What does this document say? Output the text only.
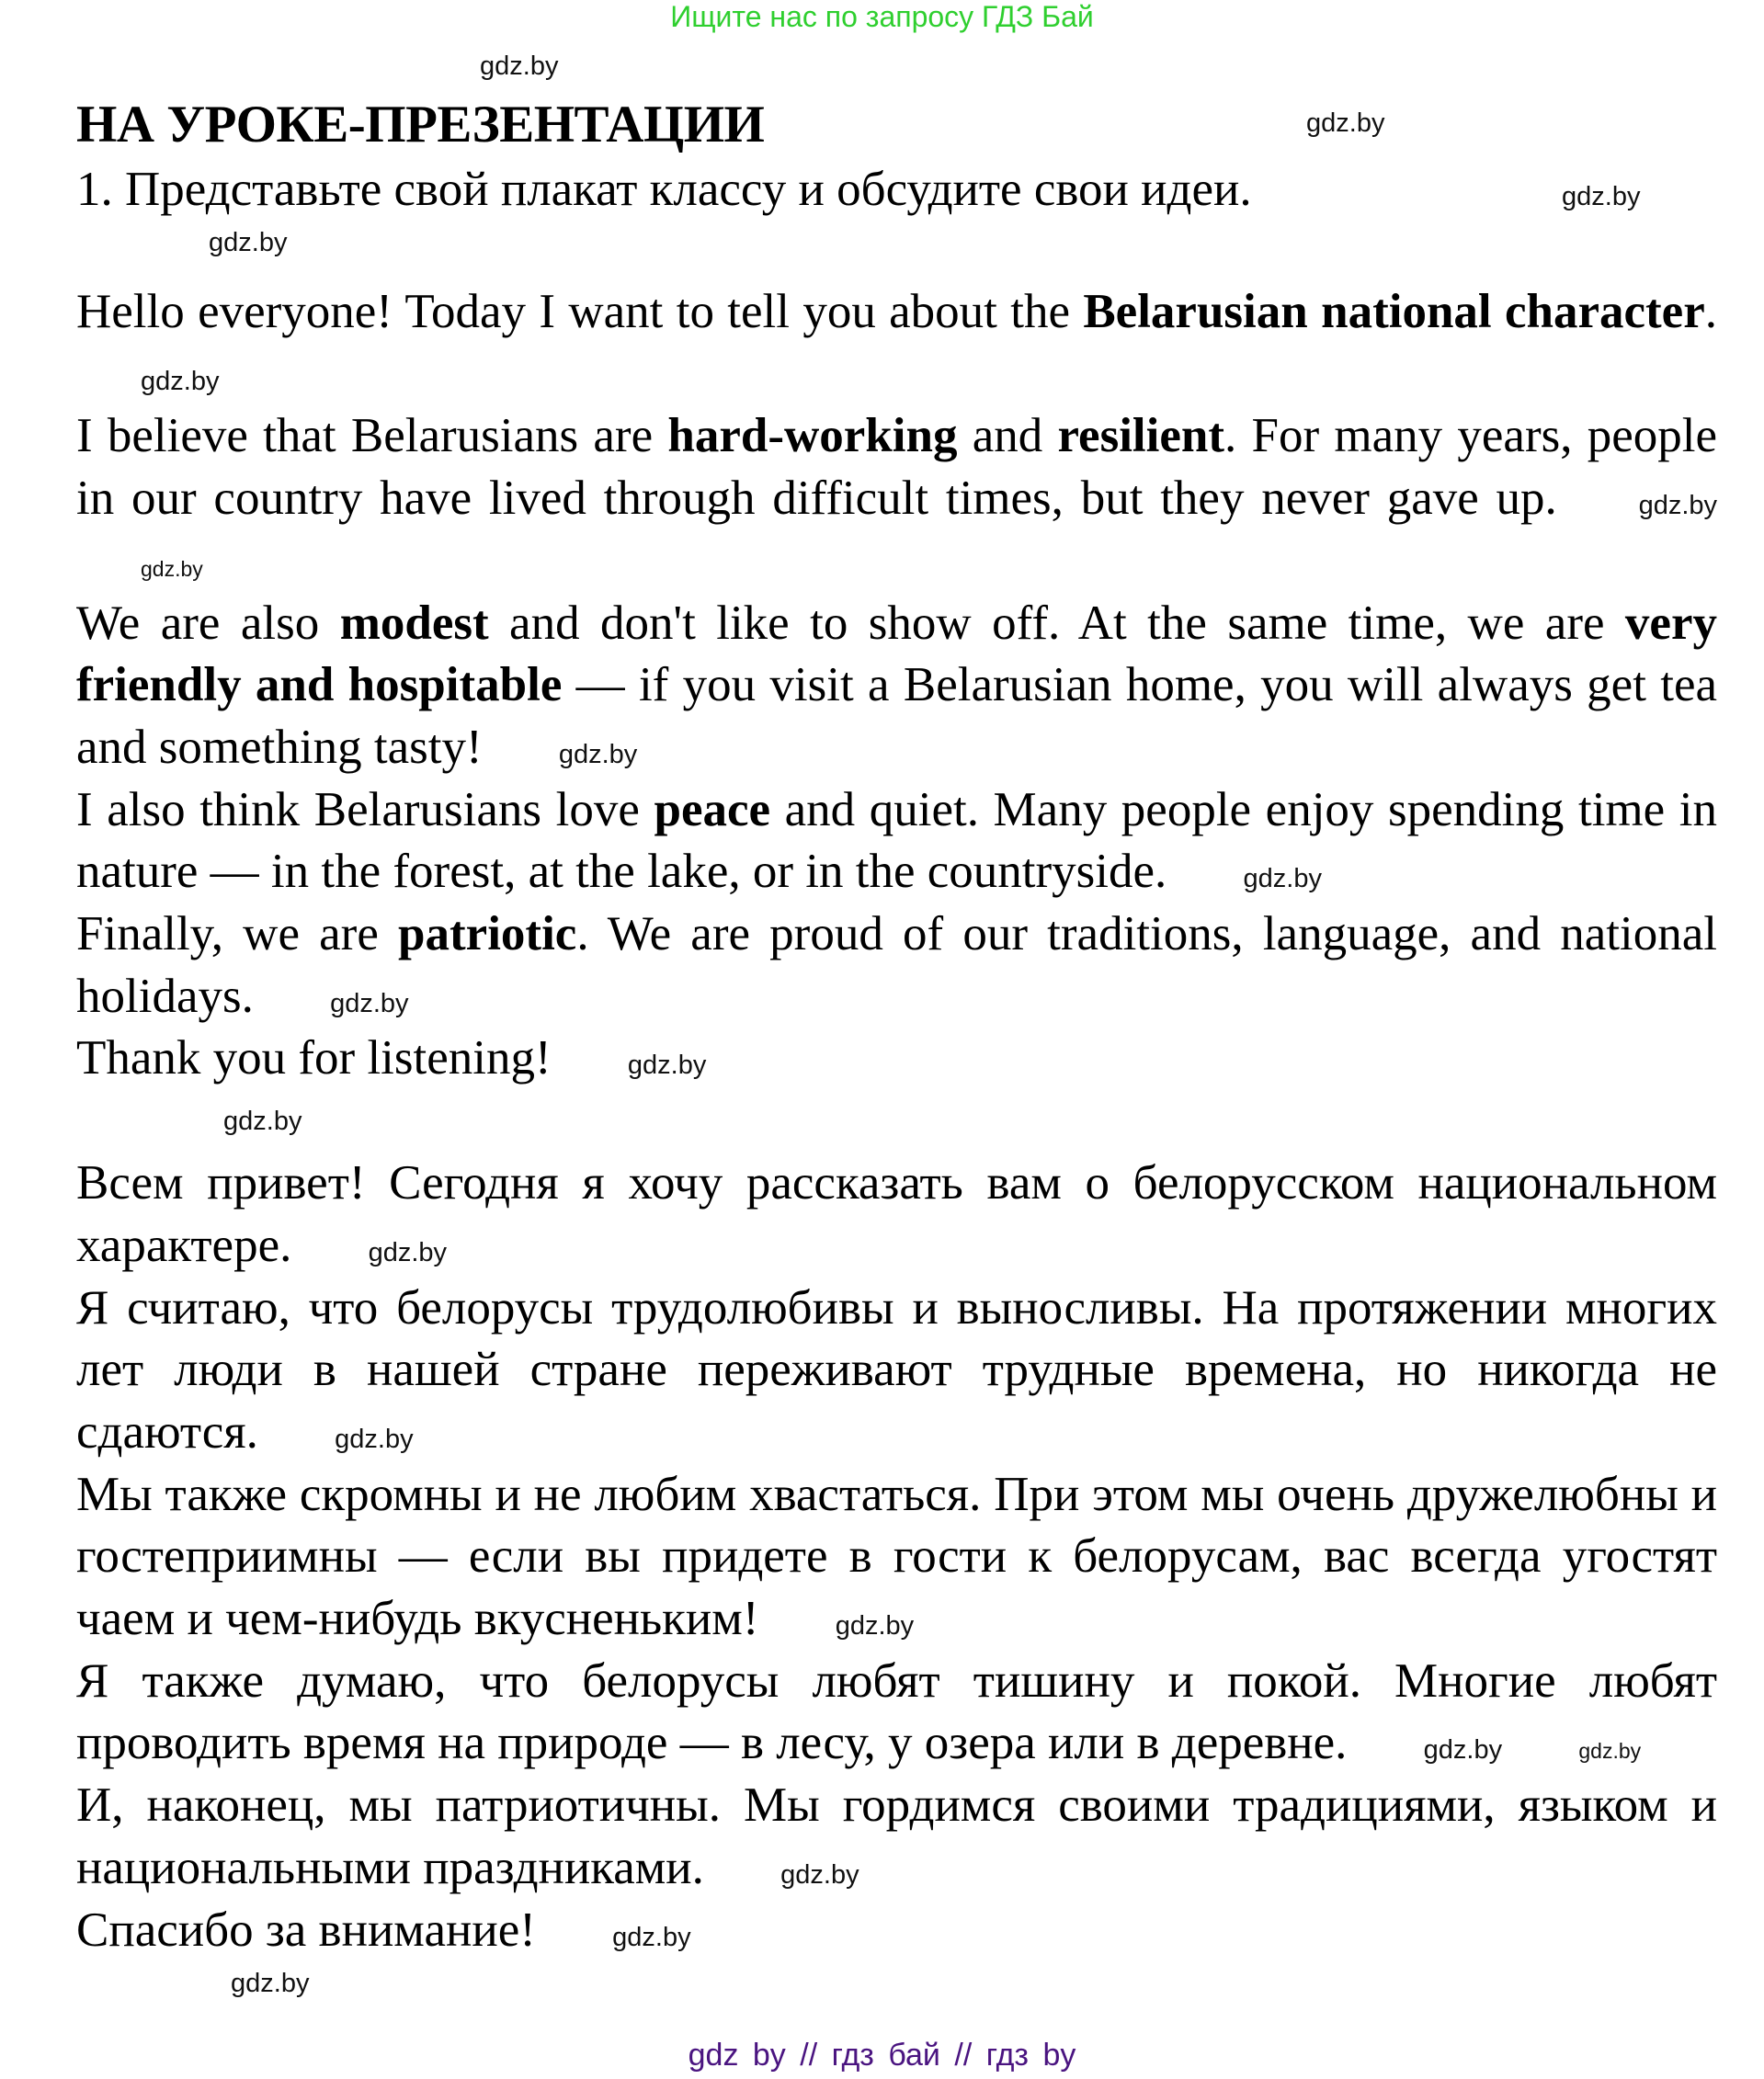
Ищите нас по запросу ГДЗ Бай
gdz.by
НА УРОКЕ-ПРЕЗЕНТАЦИИ	gdz.by
1. Представьте свой плакат классу и обсудите свои идеи.	gdz.by
gdz.by

Hello everyone! Today I want to tell you about the Belarusian national character. gdz.by

I believe that Belarusians are hard-working and resilient. For many years, people in our country have lived through difficult times, but they never gave up.	gdz.by gdz.by

We are also modest and don't like to show off. At the same time, we are very friendly and hospitable — if you visit a Belarusian home, you will always get tea and something tasty!	gdz.by

I also think Belarusians love peace and quiet. Many people enjoy spending time in nature — in the forest, at the lake, or in the countryside.	gdz.by

Finally, we are patriotic. We are proud of our traditions, language, and national holidays.	gdz.by

Thank you for listening!	gdz.by

gdz.by

Всем привет! Сегодня я хочу рассказать вам о белорусском национальном характере.	gdz.by

Я считаю, что белорусы трудолюбивы и выносливы. На протяжении многих лет люди в нашей стране переживают трудные времена, но никогда не сдаются.	gdz.by

Мы также скромны и не любим хвастаться. При этом мы очень дружелюбны и гостеприимны — если вы придете в гости к белорусам, вас всегда угостят чаем и чем-нибудь вкусненьким!	gdz.by

Я также думаю, что белорусы любят тишину и покой. Многие любят проводить время на природе — в лесу, у озера или в деревне.	gdz.by	gdz.by

И, наконец, мы патриотичны. Мы гордимся своими традициями, языком и национальными праздниками.	gdz.by

Спасибо за внимание!	gdz.by

gdz.by
gdz by // гдз бай // гдз by
